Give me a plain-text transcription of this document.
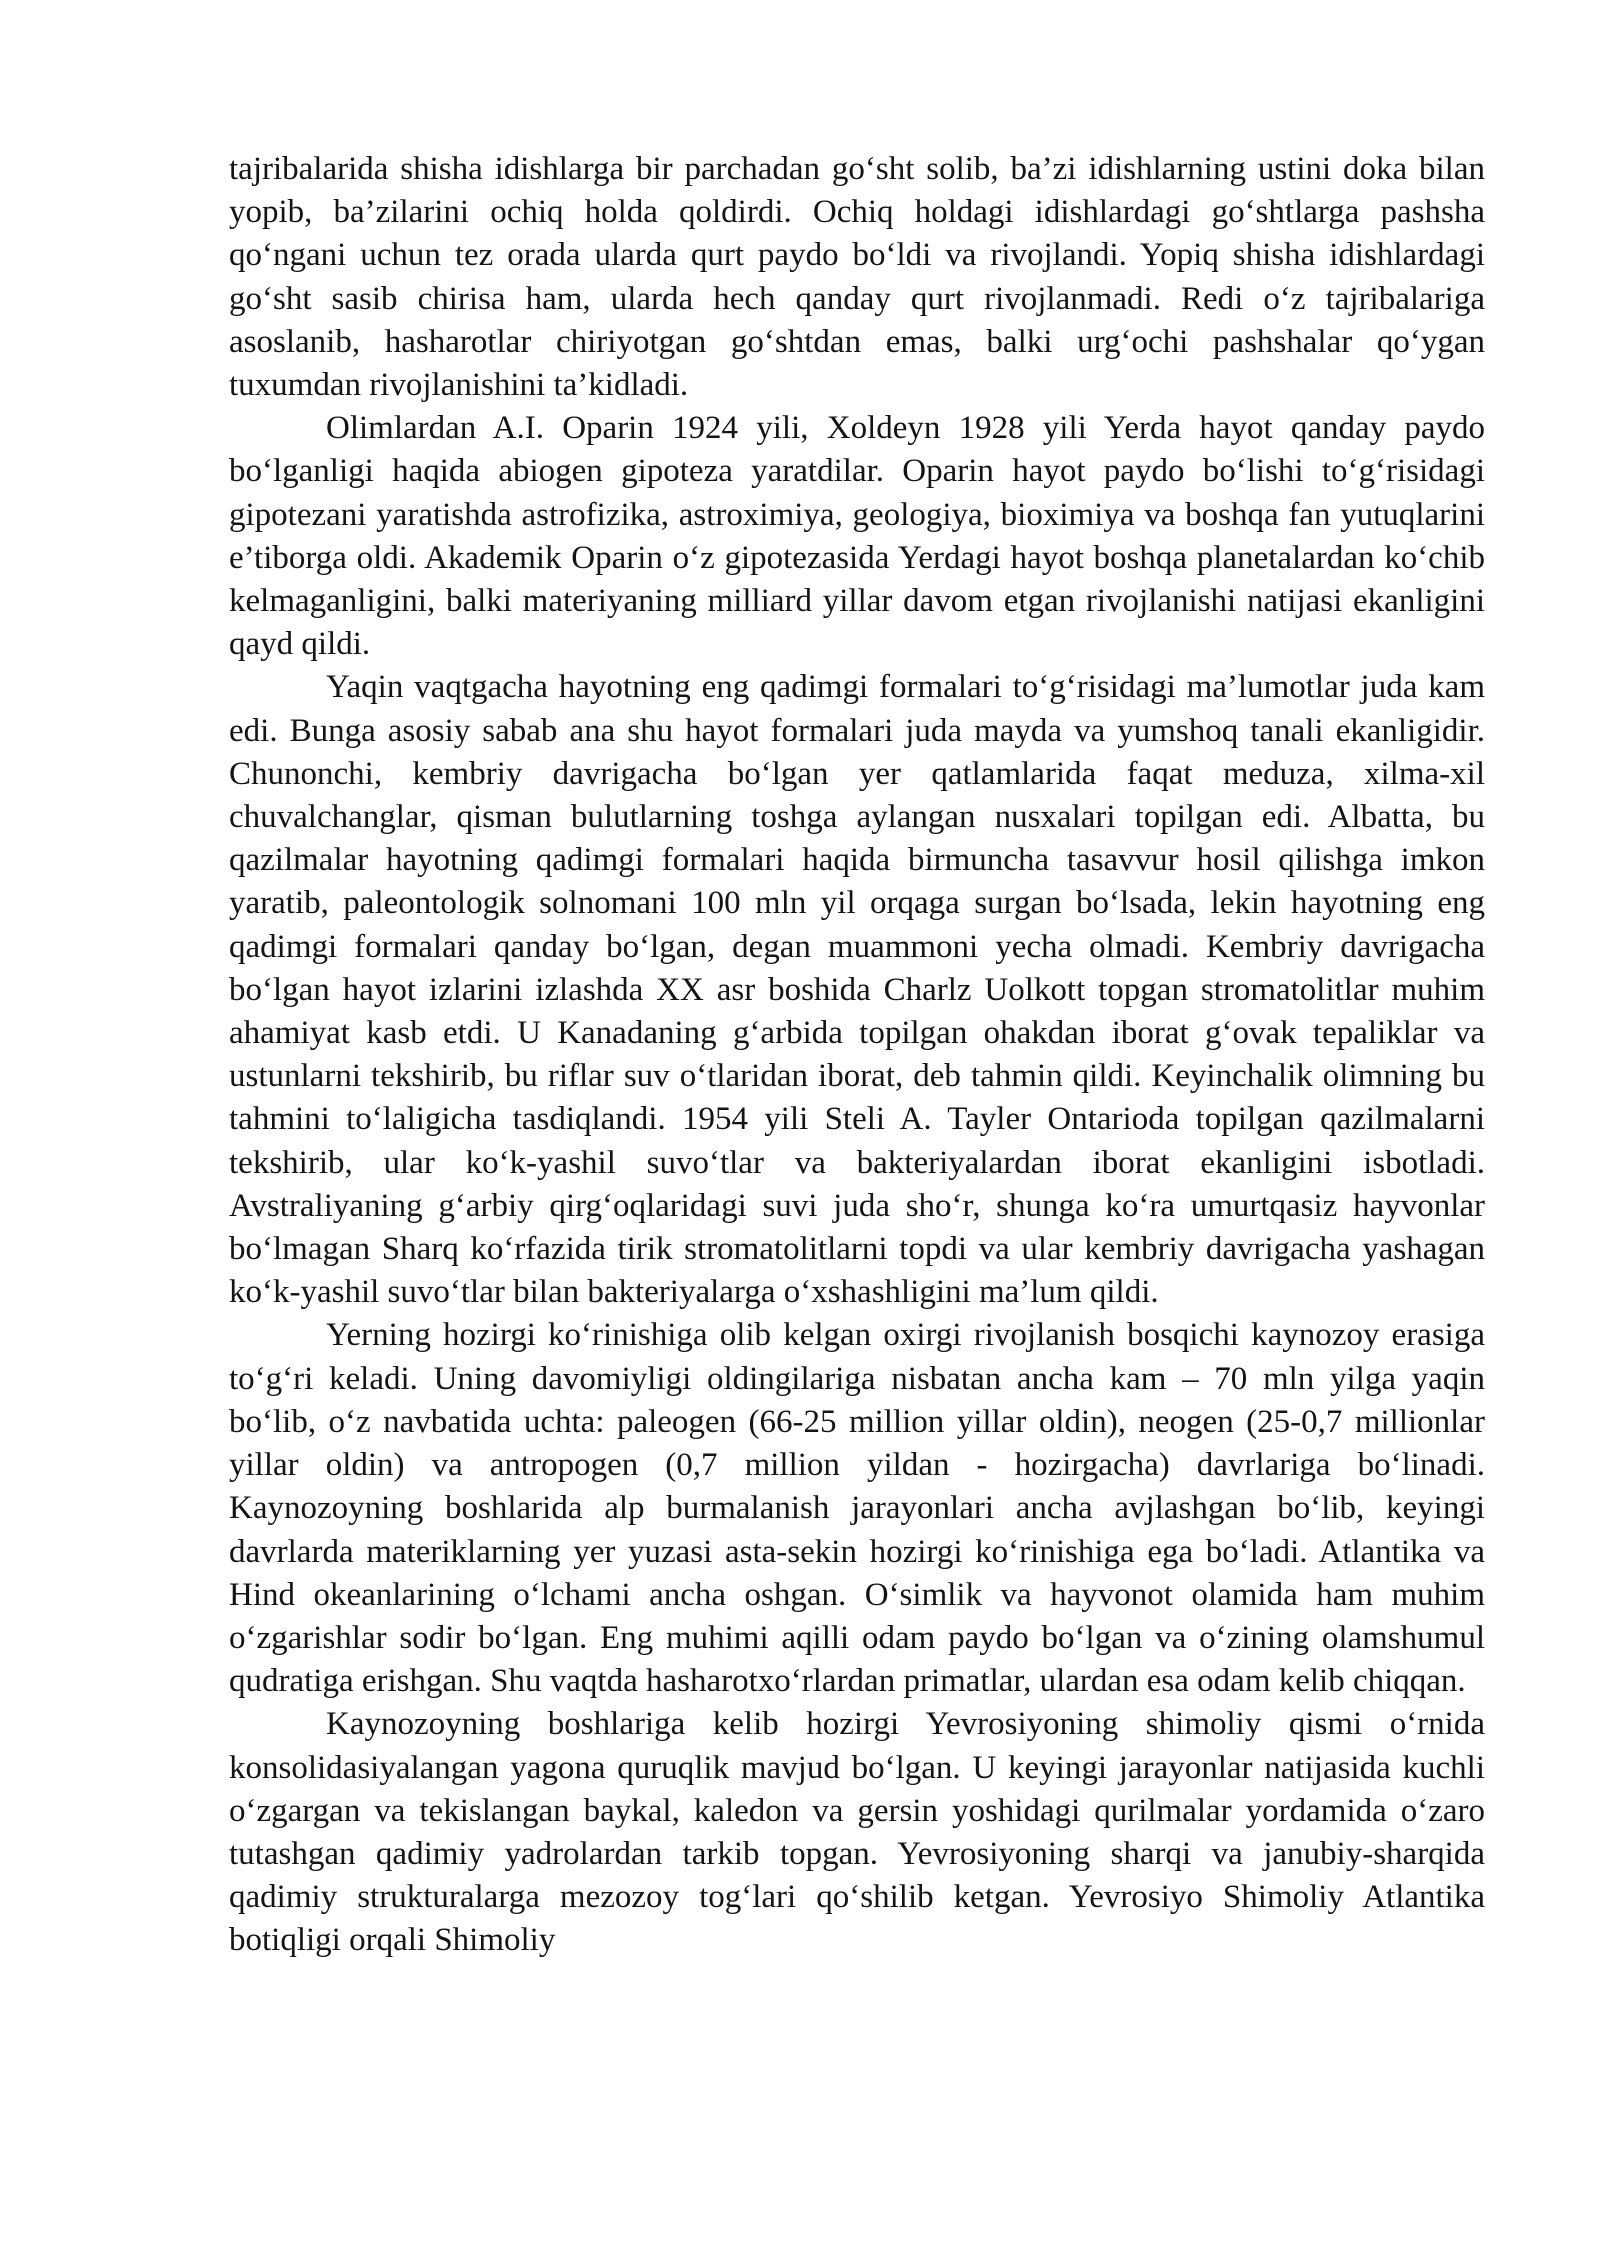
tajribalarida shisha idishlarga bir parchadan go‘sht solib, ba’zi idishlarning ustini doka bilan yopib, ba’zilarini ochiq holda qoldirdi. Ochiq holdagi idishlardagi go‘shtlarga pashsha qo‘ngani uchun tez orada ularda qurt paydo bo‘ldi va rivojlandi. Yopiq shisha idishlardagi go‘sht sasib chirisa ham, ularda hech qanday qurt rivojlanmadi. Redi o‘z tajribalariga asoslanib, hasharotlar chiriyotgan go‘shtdan emas, balki urg‘ochi pashshalar qo‘ygan tuxumdan rivojlanishini ta’kidladi.

Olimlardan A.I. Oparin 1924 yili, Xoldeyn 1928 yili Yerda hayot qanday paydo bo‘lganligi haqida abiogen gipoteza yaratdilar. Oparin hayot paydo bo‘lishi to‘g‘risidagi gipotezani yaratishda astrofizika, astroximiya, geologiya, bioximiya va boshqa fan yutuqlarini e’tiborga oldi. Akademik Oparin o‘z gipotezasida Yerdagi hayot boshqa planetalardan ko‘chib kelmaganligini, balki materiyaning milliard yillar davom etgan rivojlanishi natijasi ekanligini qayd qildi.

Yaqin vaqtgacha hayotning eng qadimgi formalari to‘g‘risidagi ma’lumotlar juda kam edi. Bunga asosiy sabab ana shu hayot formalari juda mayda va yumshoq tanali ekanligidir. Chunonchi, kembriy davrigacha bo‘lgan yer qatlamlarida faqat meduza, xilma-xil chuvalchanglar, qisman bulutlarning toshga aylangan nusxalari topilgan edi. Albatta, bu qazilmalar hayotning qadimgi formalari haqida birmuncha tasavvur hosil qilishga imkon yaratib, paleontologik solnomani 100 mln yil orqaga surgan bo‘lsada, lekin hayotning eng qadimgi formalari qanday bo‘lgan, degan muammoni yecha olmadi. Kembriy davrigacha bo‘lgan hayot izlarini izlashda XX asr boshida Charlz Uolkott topgan stromatolitlar muhim ahamiyat kasb etdi. U Kanadaning g‘arbida topilgan ohakdan iborat g‘ovak tepaliklar va ustunlarni tekshirib, bu riflar suv o‘tlaridan iborat, deb tahmin qildi. Keyinchalik olimning bu tahmini to‘laligicha tasdiqlandi. 1954 yili Steli A. Tayler Ontarioda topilgan qazilmalarni tekshirib, ular ko‘k-yashil suvo‘tlar va bakteriyalardan iborat ekanligini isbotladi. Avstraliyaning g‘arbiy qirg‘oqlaridagi suvi juda sho‘r, shunga ko‘ra umurtqasiz hayvonlar bo‘lmagan Sharq ko‘rfazida tirik stromatolitlarni topdi va ular kembriy davrigacha yashagan ko‘k-yashil suvo‘tlar bilan bakteriyalarga o‘xshashligini ma’lum qildi.

Yerning hozirgi ko‘rinishiga olib kelgan oxirgi rivojlanish bosqichi kaynozoy erasiga to‘g‘ri keladi. Uning davomiyligi oldingilariga nisbatan ancha kam – 70 mln yilga yaqin bo‘lib, o‘z navbatida uchta: paleogen (66-25 million yillar oldin), neogen (25-0,7 millionlar yillar oldin) va antropogen (0,7 million yildan - hozirgacha) davrlariga bo‘linadi. Kaynozoyning boshlarida alp burmalanish jarayonlari ancha avjlashgan bo‘lib, keyingi davrlarda materiklarning yer yuzasi asta-sekin hozirgi ko‘rinishiga ega bo‘ladi. Atlantika va Hind okeanlarining o‘lchami ancha oshgan. O‘simlik va hayvonot olamida ham muhim o‘zgarishlar sodir bo‘lgan. Eng muhimi aqilli odam paydo bo‘lgan va o‘zining olamshumul qudratiga erishgan. Shu vaqtda hasharotxo‘rlardan primatlar, ulardan esa odam kelib chiqqan.

Kaynozoyning boshlariga kelib hozirgi Yevrosiyoning shimoliy qismi o‘rnida konsolidasiyalangan yagona quruqlik mavjud bo‘lgan. U keyingi jarayonlar natijasida kuchli o‘zgargan va tekislangan baykal, kaledon va gersin yoshidagi qurilmalar yordamida o‘zaro tutashgan qadimiy yadrolardan tarkib topgan. Yevrosiyoning sharqi va janubiy-sharqida qadimiy strukturalarga mezozoy tog‘lari qo‘shilib ketgan. Yevrosiyo Shimoliy Atlantika botiqligi orqali Shimoliy
